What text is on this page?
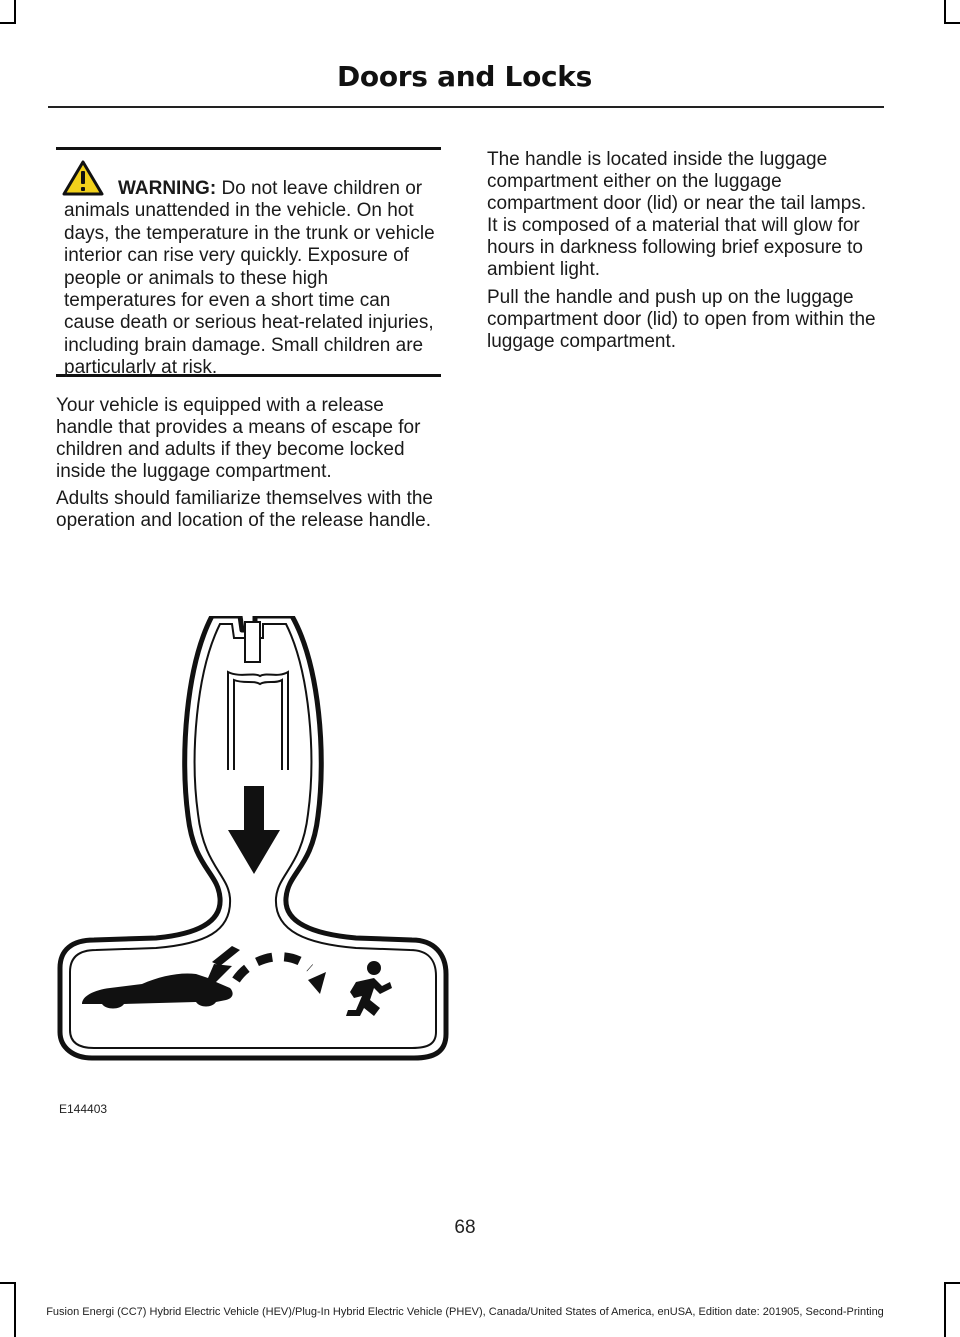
Doors and Locks
WARNING: Do not leave children or animals unattended in the vehicle. On hot days, the temperature in the trunk or vehicle interior can rise very quickly. Exposure of people or animals to these high temperatures for even a short time can cause death or serious heat-related injuries, including brain damage. Small children are particularly at risk.

Your vehicle is equipped with a release handle that provides a means of escape for children and adults if they become locked inside the luggage compartment.

Adults should familiarize themselves with the operation and location of the release handle.

The handle is located inside the luggage compartment either on the luggage compartment door (lid) or near the tail lamps. It is composed of a material that will glow for hours in darkness following brief exposure to ambient light.

Pull the handle and push up on the luggage compartment door (lid) to open from within the luggage compartment.

E144403
68
Fusion Energi (CC7) Hybrid Electric Vehicle (HEV)/Plug-In Hybrid Electric Vehicle (PHEV), Canada/United States of America, enUSA, Edition date: 201905, Second-Printing
